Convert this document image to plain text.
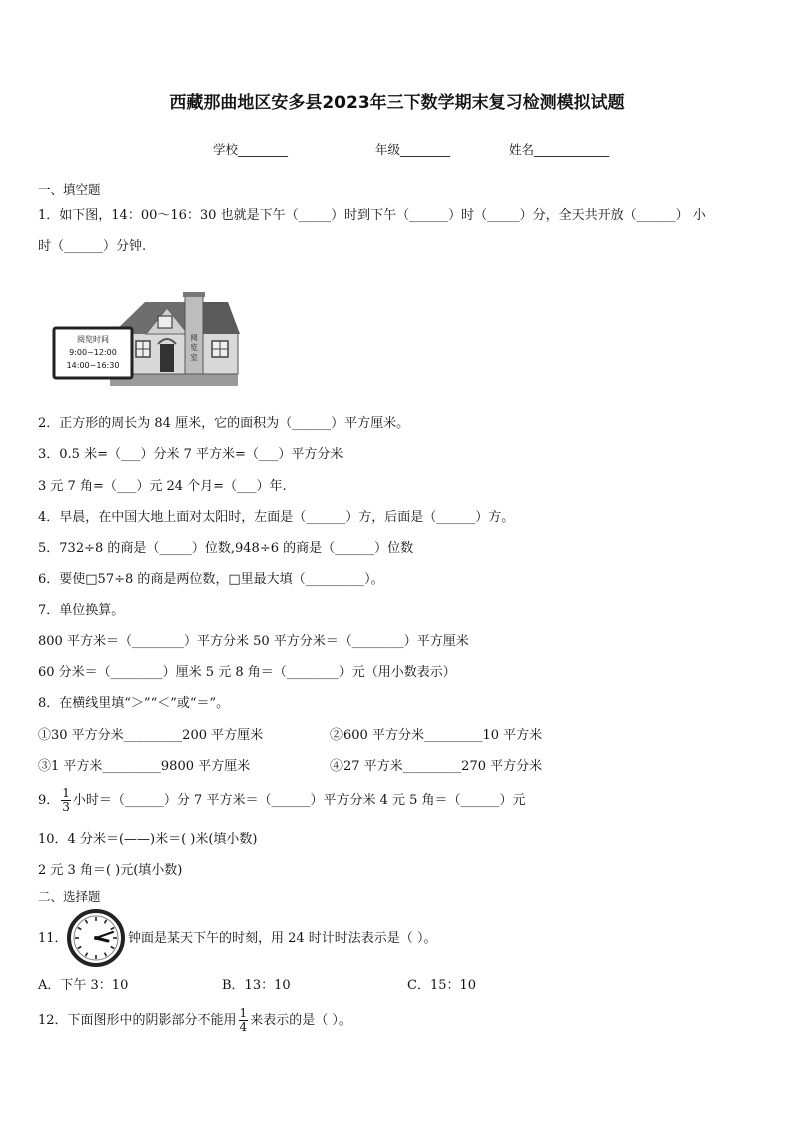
西藏那曲地区安多县2023年三下数学期末复习检测模拟试题
学校________	年级________	姓名____________
一、填空题
1．如下图，14：00～16：30 也就是下午（_____）时到下午（______）时（_____）分，全天共开放（______） 小
时（______）分钟.
阅
览
室
阅览时间
9:00~12:00
14:00~16:30
2．正方形的周长为 84 厘米，它的面积为（______）平方厘米。
3．0.5 米=（___）分米 7 平方米=（___）平方分米
3 元 7 角=（___）元 24 个月=（___）年.
4．早晨，在中国大地上面对太阳时，左面是（______）方，后面是（______）方。
5．732÷8 的商是（_____）位数,948÷6 的商是（______）位数
6．要使□57÷8 的商是两位数，□里最大填（_________）。
7．单位换算。
800 平方米＝（________）平方分米 50 平方分米＝（________）平方厘米
60 分米＝（________）厘米 5 元 8 角＝（________）元（用小数表示）
8．在横线里填“＞”“＜”或“＝”。
①30 平方分米_________200 平方厘米	②600 平方分米_________10 平方米
③1 平方米_________9800 平方厘米	④27 平方米_________270 平方分米
9． $\frac{1}{3}$ 小时＝（______）分 7 平方米＝（______）平方分米 4 元 5 角＝（______）元
10．4 分米＝(——)米＝( )米(填小数)
2 元 3 角＝( )元(填小数)
二、选择题
11．	钟面是某天下午的时刻，用 24 时计时法表示是（ ）。
A．下午 3：10	B．13：10	C．15：10
12．下面图形中的阴影部分不能用 $\frac{1}{4}$ 来表示的是（ ）。
